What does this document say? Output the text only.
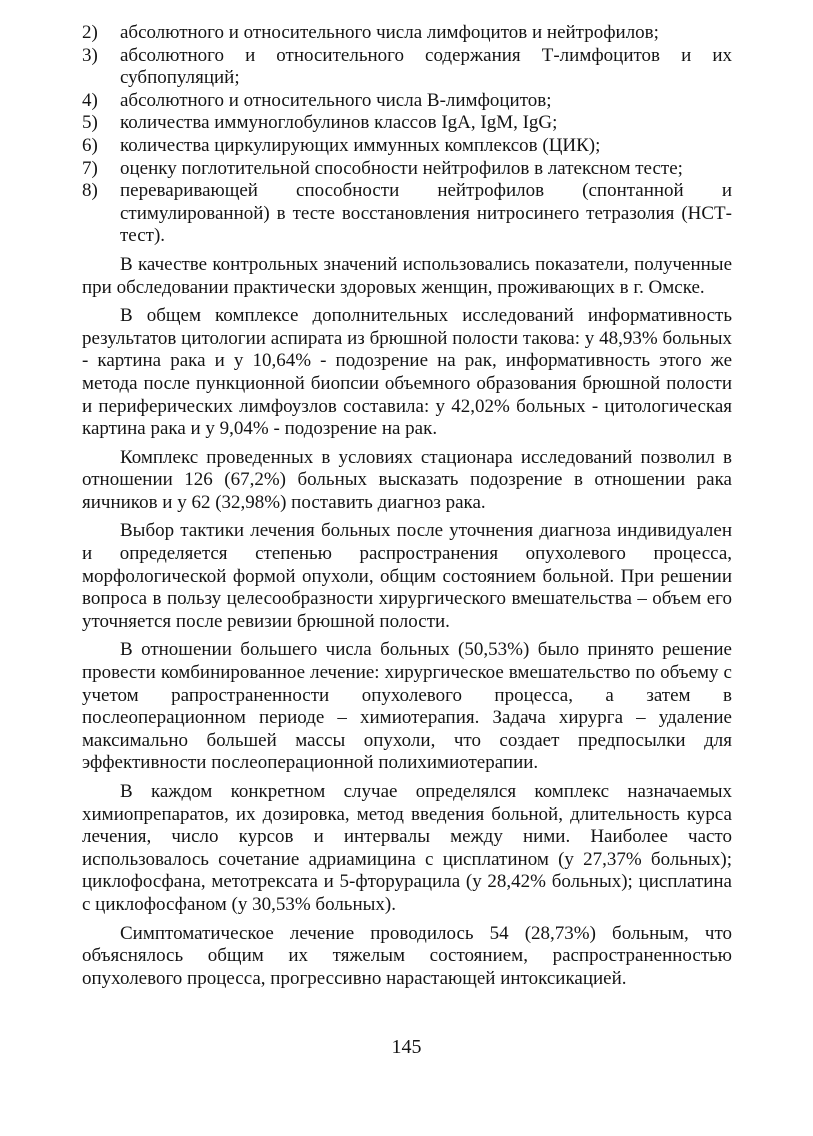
2) абсолютного и относительного числа лимфоцитов и нейтрофилов;
3) абсолютного и относительного содержания Т-лимфоцитов и их субпопуляций;
4) абсолютного и относительного числа В-лимфоцитов;
5) количества иммуноглобулинов классов IgA, IgM, IgG;
6) количества циркулирующих иммунных комплексов (ЦИК);
7) оценку поглотительной способности нейтрофилов в латексном тесте;
8) переваривающей способности нейтрофилов (спонтанной и стимулированной) в тесте восстановления нитросинего тетразолия (НСТ-тест).

В качестве контрольных значений использовались показатели, полученные при обследовании практически здоровых женщин, проживающих в г. Омске.

В общем комплексе дополнительных исследований информативность результатов цитологии аспирата из брюшной полости такова: у 48,93% больных - картина рака и у 10,64% - подозрение на рак, информативность этого же метода после пункционной биопсии объемного образования брюшной полости и периферических лимфоузлов составила: у 42,02% больных - цитологическая картина рака и у 9,04% - подозрение на рак.

Комплекс проведенных в условиях стационара исследований позволил в отношении 126 (67,2%) больных высказать подозрение в отношении рака яичников и у 62 (32,98%) поставить диагноз рака.

Выбор тактики лечения больных после уточнения диагноза индивидуален и определяется степенью распространения опухолевого процесса, морфологической формой опухоли, общим состоянием больной. При решении вопроса в пользу целесообразности хирургического вмешательства – объем его уточняется после ревизии брюшной полости.

В отношении большего числа больных (50,53%) было принято решение провести комбинированное лечение: хирургическое вмешательство по объему с учетом рапространенности опухолевого процесса, а затем в послеоперационном периоде – химиотерапия. Задача хирурга – удаление максимально большей массы опухоли, что создает предпосылки для эффективности послеоперационной полихимиотерапии.

В каждом конкретном случае определялся комплекс назначаемых химиопрепаратов, их дозировка, метод введения больной, длительность курса лечения, число курсов и интервалы между ними. Наиболее часто использовалось сочетание адриамицина с цисплатином (у 27,37% больных); циклофосфана, метотрексата и 5-фторурацила (у 28,42% больных); цисплатина с циклофосфаном (у 30,53% больных).

Симптоматическое лечение проводилось 54 (28,73%) больным, что объяснялось общим их тяжелым состоянием, распространенностью опухолевого процесса, прогрессивно нарастающей интоксикацией.

145
